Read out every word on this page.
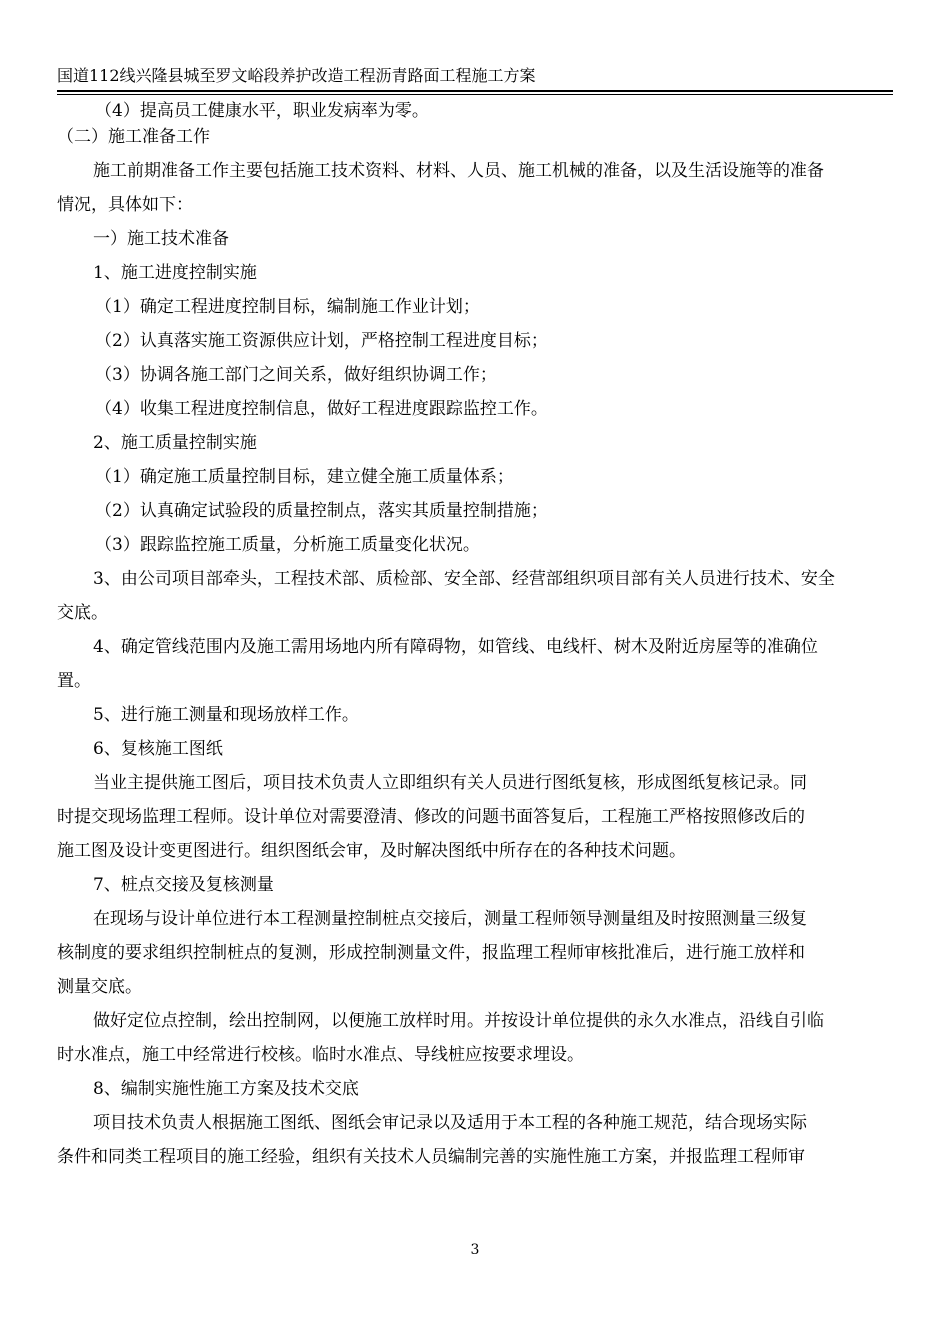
国道112线兴隆县城至罗文峪段养护改造工程沥青路面工程施工方案

（4）提高员工健康水平，职业发病率为零。

（二）施工准备工作

施工前期准备工作主要包括施工技术资料、材料、人员、施工机械的准备，以及生活设施等的准备

情况，具体如下：

一）施工技术准备

1、施工进度控制实施

（1）确定工程进度控制目标，编制施工作业计划；

（2）认真落实施工资源供应计划，严格控制工程进度目标；

（3）协调各施工部门之间关系，做好组织协调工作；

（4）收集工程进度控制信息，做好工程进度跟踪监控工作。

2、施工质量控制实施

（1）确定施工质量控制目标，建立健全施工质量体系；

（2）认真确定试验段的质量控制点，落实其质量控制措施；

（3）跟踪监控施工质量，分析施工质量变化状况。

3、由公司项目部牵头，工程技术部、质检部、安全部、经营部组织项目部有关人员进行技术、安全

交底。

4、确定管线范围内及施工需用场地内所有障碍物，如管线、电线杆、树木及附近房屋等的准确位

置。

5、进行施工测量和现场放样工作。

6、复核施工图纸

当业主提供施工图后，项目技术负责人立即组织有关人员进行图纸复核，形成图纸复核记录。同

时提交现场监理工程师。设计单位对需要澄清、修改的问题书面答复后，工程施工严格按照修改后的

施工图及设计变更图进行。组织图纸会审，及时解决图纸中所存在的各种技术问题。

7、桩点交接及复核测量

在现场与设计单位进行本工程测量控制桩点交接后，测量工程师领导测量组及时按照测量三级复

核制度的要求组织控制桩点的复测，形成控制测量文件，报监理工程师审核批准后，进行施工放样和

测量交底。

做好定位点控制，绘出控制网，以便施工放样时用。并按设计单位提供的永久水准点，沿线自引临

时水准点，施工中经常进行校核。临时水准点、导线桩应按要求埋设。

8、编制实施性施工方案及技术交底

项目技术负责人根据施工图纸、图纸会审记录以及适用于本工程的各种施工规范，结合现场实际

条件和同类工程项目的施工经验，组织有关技术人员编制完善的实施性施工方案，并报监理工程师审

3
